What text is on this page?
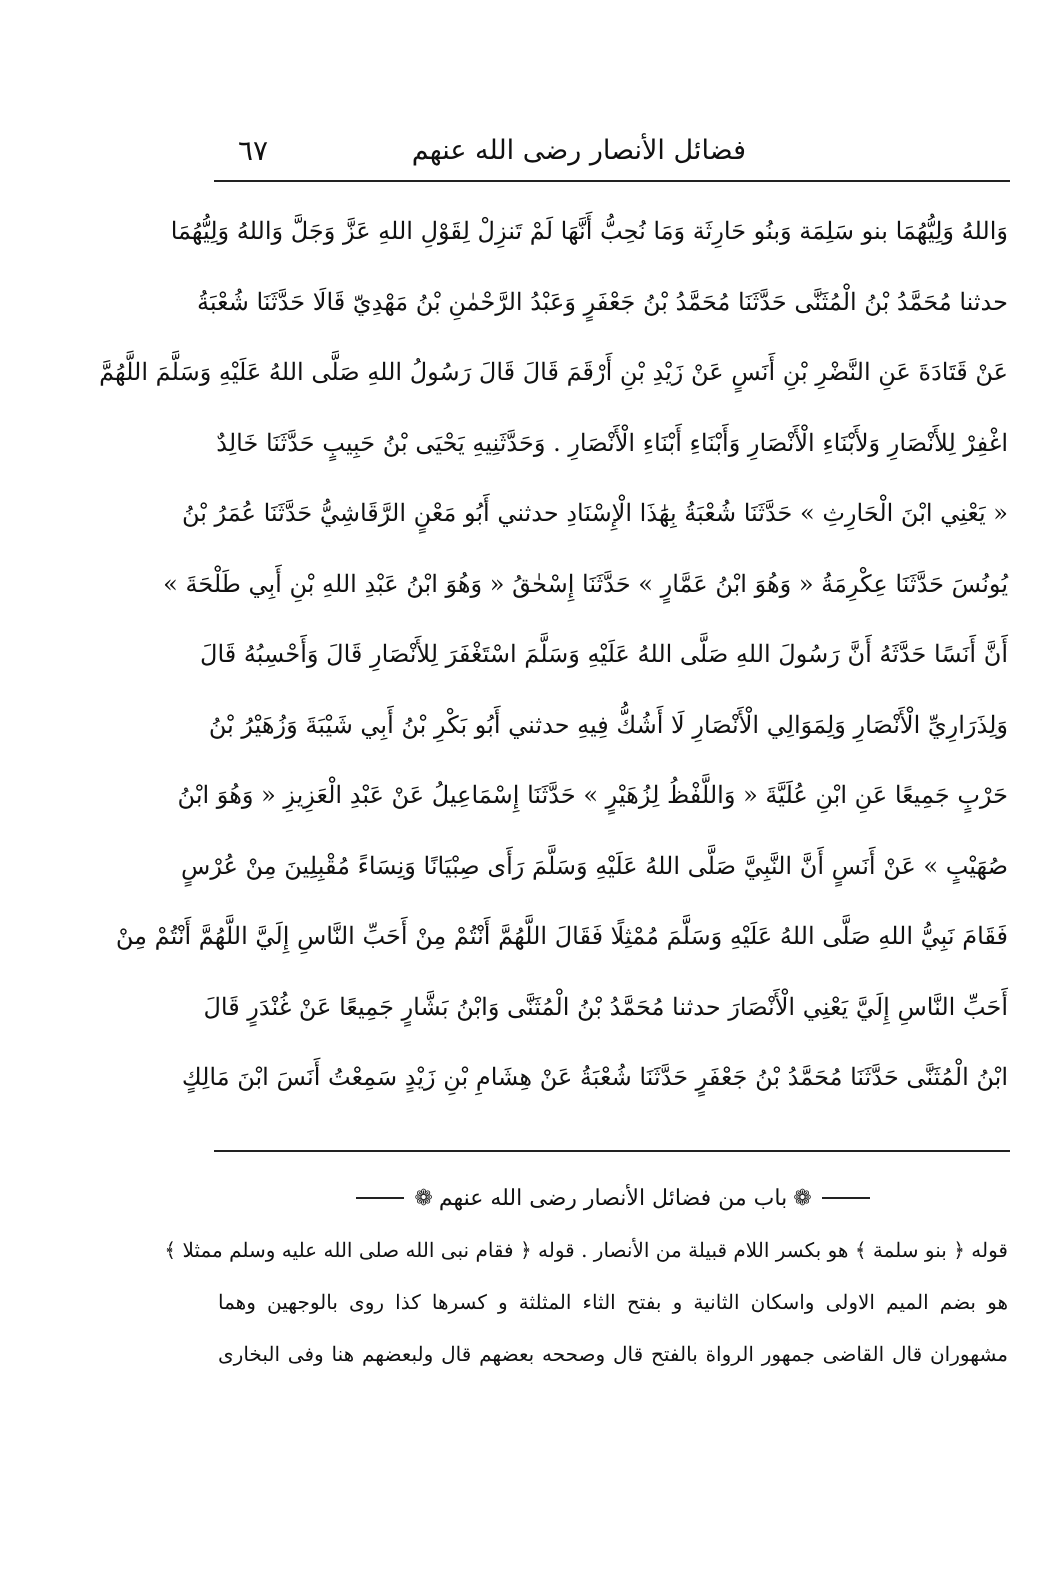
فضائل الأنصار رضى الله عنهم
٦٧
وَاللهُ وَلِيُّهُمَا بنو سَلِمَة وَبنُو حَارِثَة وَمَا نُحِبُّ أَنَّهَا لَمْ تَنزِلْ لِقَوْلِ اللهِ عَزَّ وَجَلَّ وَاللهُ وَلِيُّهُمَا
حدثنا مُحَمَّدُ بْنُ الْمُثَنَّى حَدَّثَنَا مُحَمَّدُ بْنُ جَعْفَرٍ وَعَبْدُ الرَّحْمٰنِ بْنُ مَهْدِيّ قَالَا حَدَّثَنَا شُعْبَةُ
عَنْ قَتَادَةَ عَنِ النَّضْرِ بْنِ أَنَسٍ عَنْ زَيْدِ بْنِ أَرْقَمَ قَالَ قَالَ رَسُولُ اللهِ صَلَّى اللهُ عَلَيْهِ وَسَلَّمَ اللَّهُمَّ
اغْفِرْ لِلأَنْصَارِ وَلأَبْنَاءِ الْأَنْصَارِ وَأَبْنَاءِ أَبْنَاءِ الْأَنْصَارِ . وَحَدَّثَنِيهِ يَحْيَى بْنُ حَبِيبٍ حَدَّثَنَا خَالِدٌ
« يَعْنِي ابْنَ الْحَارِثِ » حَدَّثَنَا شُعْبَةُ بِهَٰذَا الْإِسْنَادِ حدثني أَبُو مَعْنٍ الرَّقَاشِيُّ حَدَّثَنَا عُمَرُ بْنُ
يُونُسَ حَدَّثَنَا عِكْرِمَةُ « وَهُوَ ابْنُ عَمَّارٍ » حَدَّثَنَا إِسْحٰقُ « وَهُوَ ابْنُ عَبْدِ اللهِ بْنِ أَبِي طَلْحَةَ »
أَنَّ أَنَسًا حَدَّثَهُ أَنَّ رَسُولَ اللهِ صَلَّى اللهُ عَلَيْهِ وَسَلَّمَ اسْتَغْفَرَ لِلأَنْصَارِ قَالَ وَأَحْسِبُهُ قَالَ
وَلِذَرَارِيِّ الْأَنْصَارِ وَلِمَوَالِي الْأَنْصَارِ لَا أَشُكُّ فِيهِ حدثني أَبُو بَكْرِ بْنُ أَبِي شَيْبَةَ وَزُهَيْرُ بْنُ
حَرْبٍ جَمِيعًا عَنِ ابْنِ عُلَيَّةَ « وَاللَّفْظُ لِزُهَيْرٍ » حَدَّثَنَا إِسْمَاعِيلُ عَنْ عَبْدِ الْعَزِيزِ « وَهُوَ ابْنُ
صُهَيْبٍ » عَنْ أَنَسٍ أَنَّ النَّبِيَّ صَلَّى اللهُ عَلَيْهِ وَسَلَّمَ رَأَى صِبْيَانًا وَنِسَاءً مُقْبِلِينَ مِنْ عُرْسٍ
فَقَامَ نَبِيُّ اللهِ صَلَّى اللهُ عَلَيْهِ وَسَلَّمَ مُمْثِلًا فَقَالَ اللَّهُمَّ أَنْتُمْ مِنْ أَحَبِّ النَّاسِ إِلَيَّ اللَّهُمَّ أَنْتُمْ مِنْ
أَحَبِّ النَّاسِ إِلَيَّ يَعْنِي الْأَنْصَارَ حدثنا مُحَمَّدُ بْنُ الْمُثَنَّى وَابْنُ بَشَّارٍ جَمِيعًا عَنْ غُنْدَرٍ قَالَ
ابْنُ الْمُثَنَّى حَدَّثَنَا مُحَمَّدُ بْنُ جَعْفَرٍ حَدَّثَنَا شُعْبَةُ عَنْ هِشَامِ بْنِ زَيْدٍ سَمِعْتُ أَنَسَ ابْنَ مَالِكٍ
❁
باب من فضائل الأنصار رضى الله عنهم
❁
قوله ﴿ بنو سلمة ﴾ هو بكسر اللام قبيلة من الأنصار . قوله ﴿ فقام نبى الله صلى الله عليه وسلم ممثلا ﴾
هو بضم الميم الاولى واسكان الثانية و بفتح الثاء المثلثة و كسرها كذا روى بالوجهين وهما
مشهوران قال القاضى جمهور الرواة بالفتح قال وصححه بعضهم قال ولبعضهم هنا وفى البخارى
